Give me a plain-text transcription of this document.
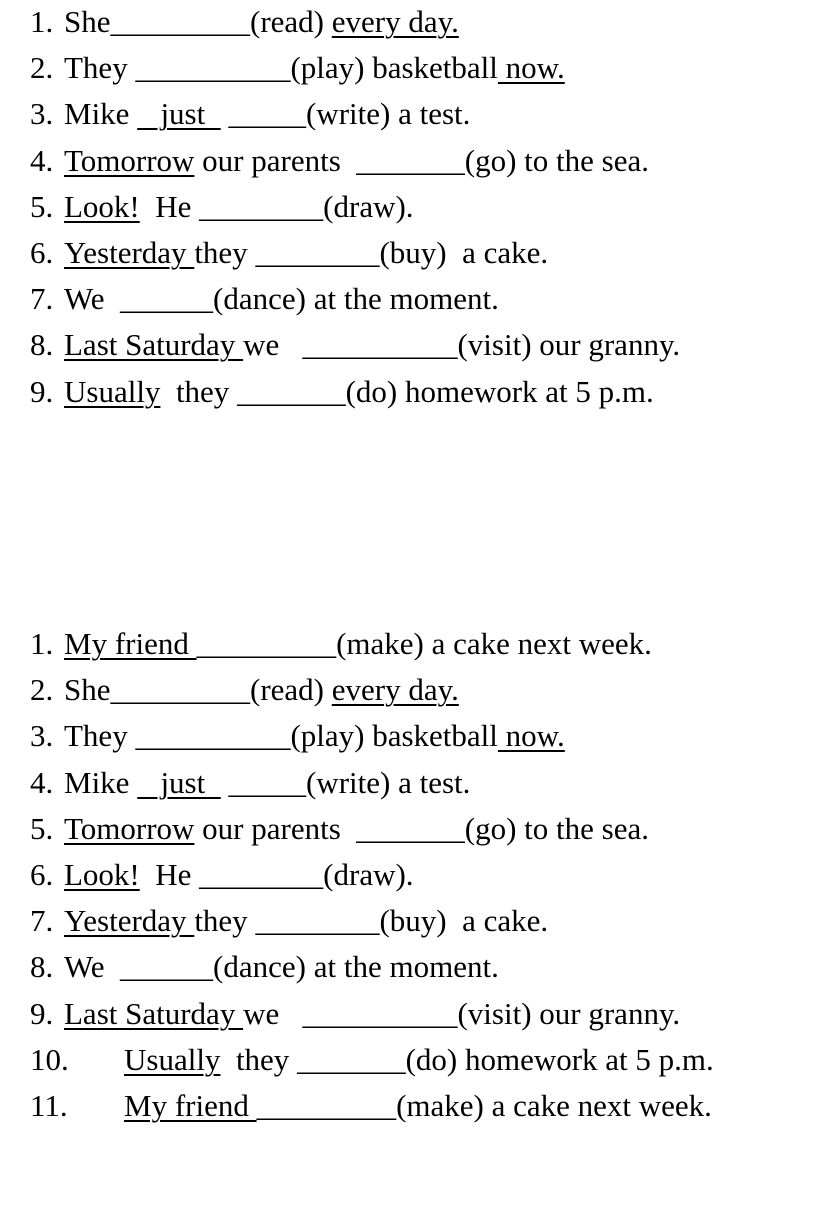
1. She_________(read) every day.
2. They __________(play) basketball now.
3. Mike    just   _____(write) a test.
4. Tomorrow our parents  _______(go) to the sea.
5. Look!  He ________(draw).
6. Yesterday they ________(buy)  a cake.
7. We  ______(dance) at the moment.
8. Last Saturday we   __________(visit) our granny.
9. Usually  they _______(do) homework at 5 p.m.
1. My friend _________(make) a cake next week.
2. She_________(read) every day.
3. They __________(play) basketball now.
4. Mike    just   _____(write) a test.
5. Tomorrow our parents  _______(go) to the sea.
6. Look!  He ________(draw).
7. Yesterday they ________(buy)  a cake.
8. We  ______(dance) at the moment.
9. Last Saturday we   __________(visit) our granny.
10. Usually  they _______(do) homework at 5 p.m.
11. My friend _________(make) a cake next week.
